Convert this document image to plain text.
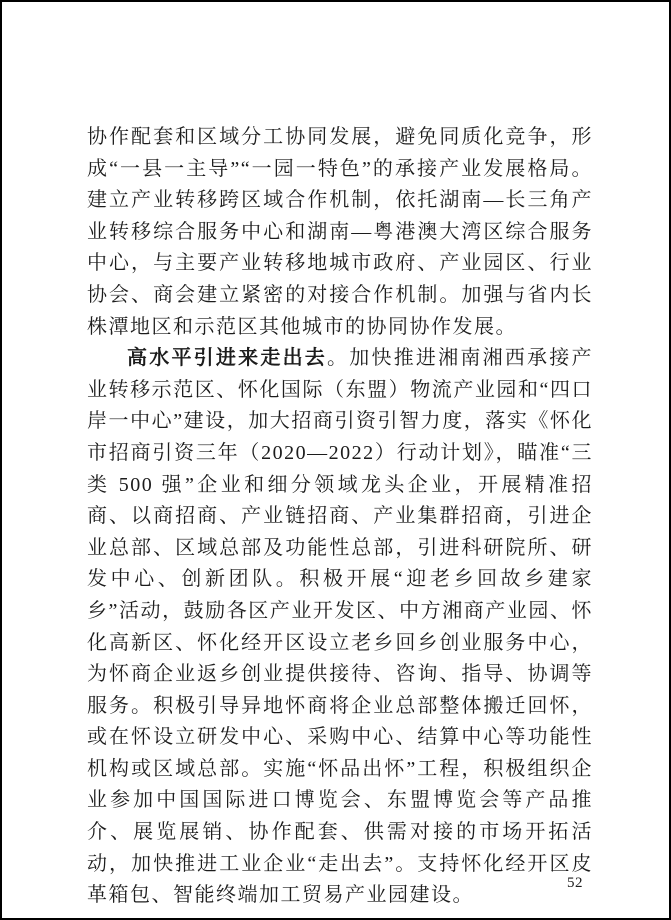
协作配套和区域分工协同发展，避免同质化竞争，形成“一县一主导”“一园一特色”的承接产业发展格局。建立产业转移跨区域合作机制，依托湖南—长三角产业转移综合服务中心和湖南—粤港澳大湾区综合服务中心，与主要产业转移地城市政府、产业园区、行业协会、商会建立紧密的对接合作机制。加强与省内长株潭地区和示范区其他城市的协同协作发展。

高水平引进来走出去。加快推进湘南湘西承接产业转移示范区、怀化国际（东盟）物流产业园和“四口岸一中心”建设，加大招商引资引智力度，落实《怀化市招商引资三年（2020—2022）行动计划》，瞄准“三类 500 强”企业和细分领域龙头企业，开展精准招商、以商招商、产业链招商、产业集群招商，引进企业总部、区域总部及功能性总部，引进科研院所、研发中心、创新团队。积极开展“迎老乡回故乡建家乡”活动，鼓励各区产业开发区、中方湘商产业园、怀化高新区、怀化经开区设立老乡回乡创业服务中心，为怀商企业返乡创业提供接待、咨询、指导、协调等服务。积极引导异地怀商将企业总部整体搬迁回怀，或在怀设立研发中心、采购中心、结算中心等功能性机构或区域总部。实施“怀品出怀”工程，积极组织企业参加中国国际进口博览会、东盟博览会等产品推介、展览展销、协作配套、供需对接的市场开拓活动，加快推进工业企业“走出去”。支持怀化经开区皮革箱包、智能终端加工贸易产业园建设。

52
